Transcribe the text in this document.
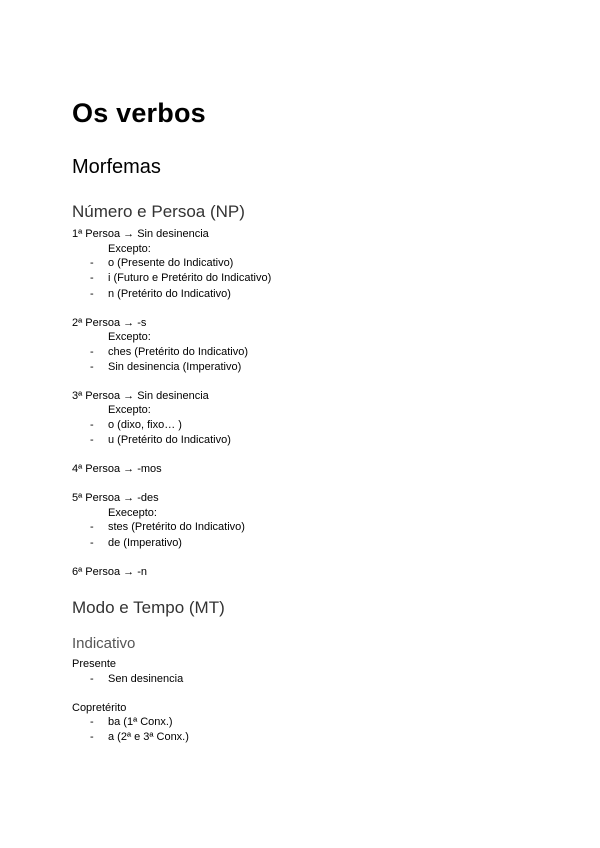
Os verbos
Morfemas
Número e Persoa (NP)
1ª Persoa → Sin desinencia
Excepto:
- o (Presente do Indicativo)
- i (Futuro e Pretérito do Indicativo)
- n (Pretérito do Indicativo)
2ª Persoa → -s
Excepto:
- ches (Pretérito do Indicativo)
- Sin desinencia (Imperativo)
3ª Persoa → Sin desinencia
Excepto:
- o (dixo, fixo… )
- u (Pretérito do Indicativo)
4ª Persoa → -mos
5ª Persoa → -des
Execepto:
- stes (Pretérito do Indicativo)
- de (Imperativo)
6ª Persoa → -n
Modo e Tempo (MT)
Indicativo
Presente
- Sen desinencia
Copretérito
- ba (1ª Conx.)
- a (2ª e 3ª Conx.)
